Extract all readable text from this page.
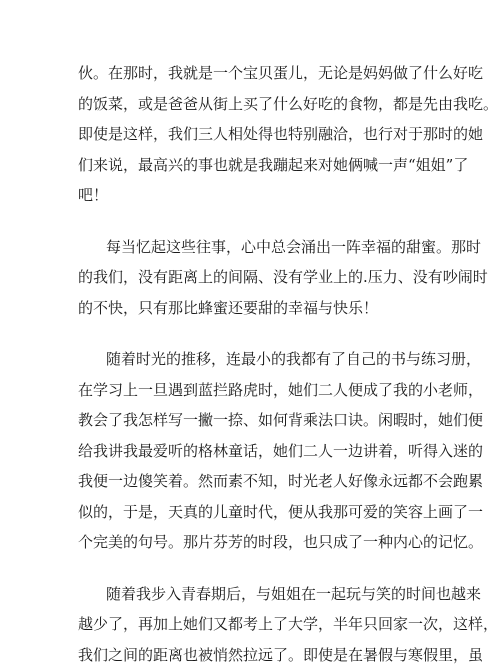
伙。在那时，我就是一个宝贝蛋儿，无论是妈妈做了什么好吃
的饭菜，或是爸爸从街上买了什么好吃的食物，都是先由我吃。
即使是这样，我们三人相处得也特别融洽，也行对于那时的她
们来说，最高兴的事也就是我蹦起来对她俩喊一声“姐姐”了
吧！
每当忆起这些往事，心中总会涌出一阵幸福的甜蜜。那时
的我们，没有距离上的间隔、没有学业上的.压力、没有吵闹时
的不快，只有那比蜂蜜还要甜的幸福与快乐！
随着时光的推移，连最小的我都有了自己的书与练习册，
在学习上一旦遇到蓝拦路虎时，她们二人便成了我的小老师，
教会了我怎样写一撇一捺、如何背乘法口诀。闲暇时，她们便
给我讲我最爱听的格林童话，她们二人一边讲着，听得入迷的
我便一边傻笑着。然而素不知，时光老人好像永远都不会跑累
似的，于是，天真的儿童时代，便从我那可爱的笑容上画了一
个完美的句号。那片芬芳的时段，也只成了一种内心的记忆。
随着我步入青春期后，与姐姐在一起玩与笑的时间也越来
越少了，再加上她们又都考上了大学，半年只回家一次，这样，
我们之间的距离也被悄然拉远了。即使是在暑假与寒假里，虽
